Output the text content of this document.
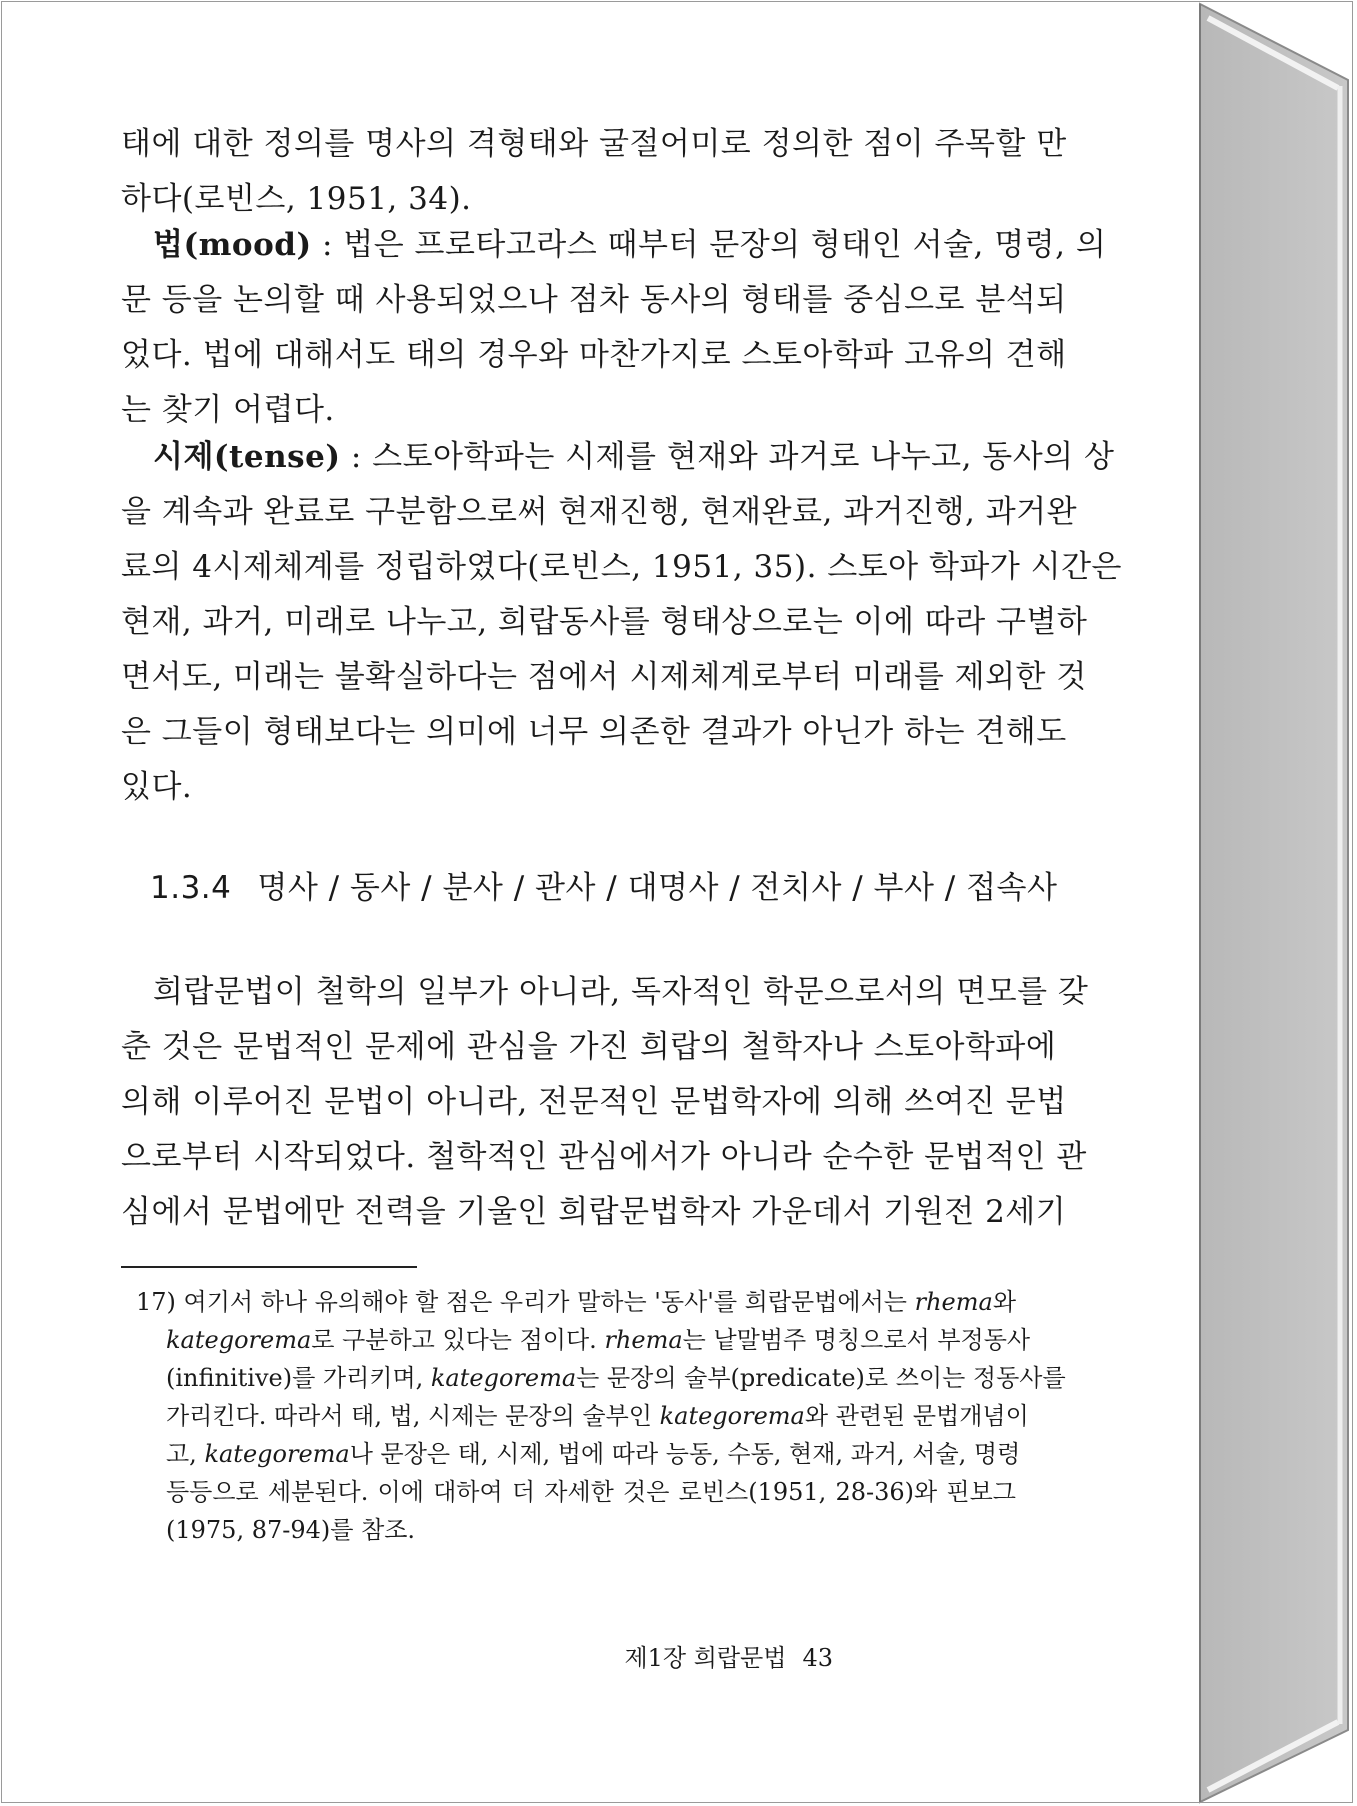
태에 대한 정의를 명사의 격형태와 굴절어미로 정의한 점이 주목할 만
하다(로빈스, 1951, 34).
법(mood) : 법은 프로타고라스 때부터 문장의 형태인 서술, 명령, 의
문 등을 논의할 때 사용되었으나 점차 동사의 형태를 중심으로 분석되
었다. 법에 대해서도 태의 경우와 마찬가지로 스토아학파 고유의 견해
는 찾기 어렵다.
시제(tense) : 스토아학파는 시제를 현재와 과거로 나누고, 동사의 상
을 계속과 완료로 구분함으로써 현재진행, 현재완료, 과거진행, 과거완
료의 4시제체계를 정립하였다(로빈스, 1951, 35). 스토아 학파가 시간은
현재, 과거, 미래로 나누고, 희랍동사를 형태상으로는 이에 따라 구별하
면서도, 미래는 불확실하다는 점에서 시제체계로부터 미래를 제외한 것
은 그들이 형태보다는 의미에 너무 의존한 결과가 아닌가 하는 견해도
있다.
1.3.4 명사 / 동사 / 분사 / 관사 / 대명사 / 전치사 / 부사 / 접속사
희랍문법이 철학의 일부가 아니라, 독자적인 학문으로서의 면모를 갖
춘 것은 문법적인 문제에 관심을 가진 희랍의 철학자나 스토아학파에
의해 이루어진 문법이 아니라, 전문적인 문법학자에 의해 쓰여진 문법
으로부터 시작되었다. 철학적인 관심에서가 아니라 순수한 문법적인 관
심에서 문법에만 전력을 기울인 희랍문법학자 가운데서 기원전 2세기
17) 여기서 하나 유의해야 할 점은 우리가 말하는 '동사'를 희랍문법에서는 rhema와
kategorema로 구분하고 있다는 점이다. rhema는 낱말범주 명칭으로서 부정동사
(infinitive)를 가리키며, kategorema는 문장의 술부(predicate)로 쓰이는 정동사를
가리킨다. 따라서 태, 법, 시제는 문장의 술부인 kategorema와 관련된 문법개념이
고, kategorema나 문장은 태, 시제, 법에 따라 능동, 수동, 현재, 과거, 서술, 명령
등등으로 세분된다. 이에 대하여 더 자세한 것은 로빈스(1951, 28-36)와 핀보그
(1975, 87-94)를 참조.
제1장 희랍문법 43
